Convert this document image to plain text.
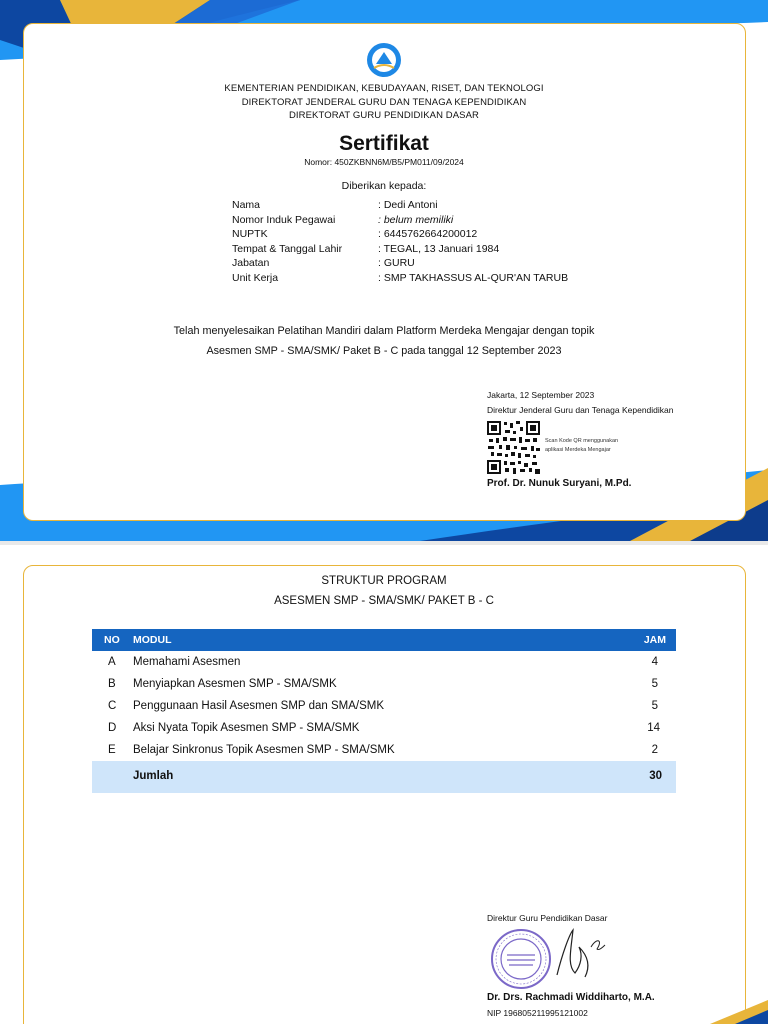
KEMENTERIAN PENDIDIKAN, KEBUDAYAAN, RISET, DAN TEKNOLOGI
DIREKTORAT JENDERAL GURU DAN TENAGA KEPENDIDIKAN
DIREKTORAT GURU PENDIDIKAN DASAR
Sertifikat
Nomor: 450ZKBNN6M/B5/PM011/09/2024
Diberikan kepada:
Nama	: Dedi Antoni
Nomor Induk Pegawai	: belum memiliki
NUPTK	: 6445762664200012
Tempat & Tanggal Lahir	: TEGAL, 13 Januari 1984
Jabatan	: GURU
Unit Kerja	: SMP TAKHASSUS AL-QUR'AN TARUB
Telah menyelesaikan Pelatihan Mandiri dalam Platform Merdeka Mengajar dengan topik
Asesmen SMP - SMA/SMK/ Paket B - C pada tanggal 12 September 2023
Jakarta, 12 September 2023
Direktur Jenderal Guru dan Tenaga Kependidikan
Scan Kode QR menggunakan
aplikasi Merdeka Mengajar
Prof. Dr. Nunuk Suryani, M.Pd.
STRUKTUR PROGRAM
ASESMEN SMP - SMA/SMK/ PAKET B - C
NO MODUL	JAM
A Memahami Asesmen	4
B Menyiapkan Asesmen SMP - SMA/SMK	5
C Penggunaan Hasil Asesmen SMP dan SMA/SMK	5
D Aksi Nyata Topik Asesmen SMP - SMA/SMK	14
E Belajar Sinkronus Topik Asesmen SMP - SMA/SMK	2
Jumlah	30
Direktur Guru Pendidikan Dasar
Dr. Drs. Rachmadi Widdiharto, M.A.
NIP 196805211995121002
